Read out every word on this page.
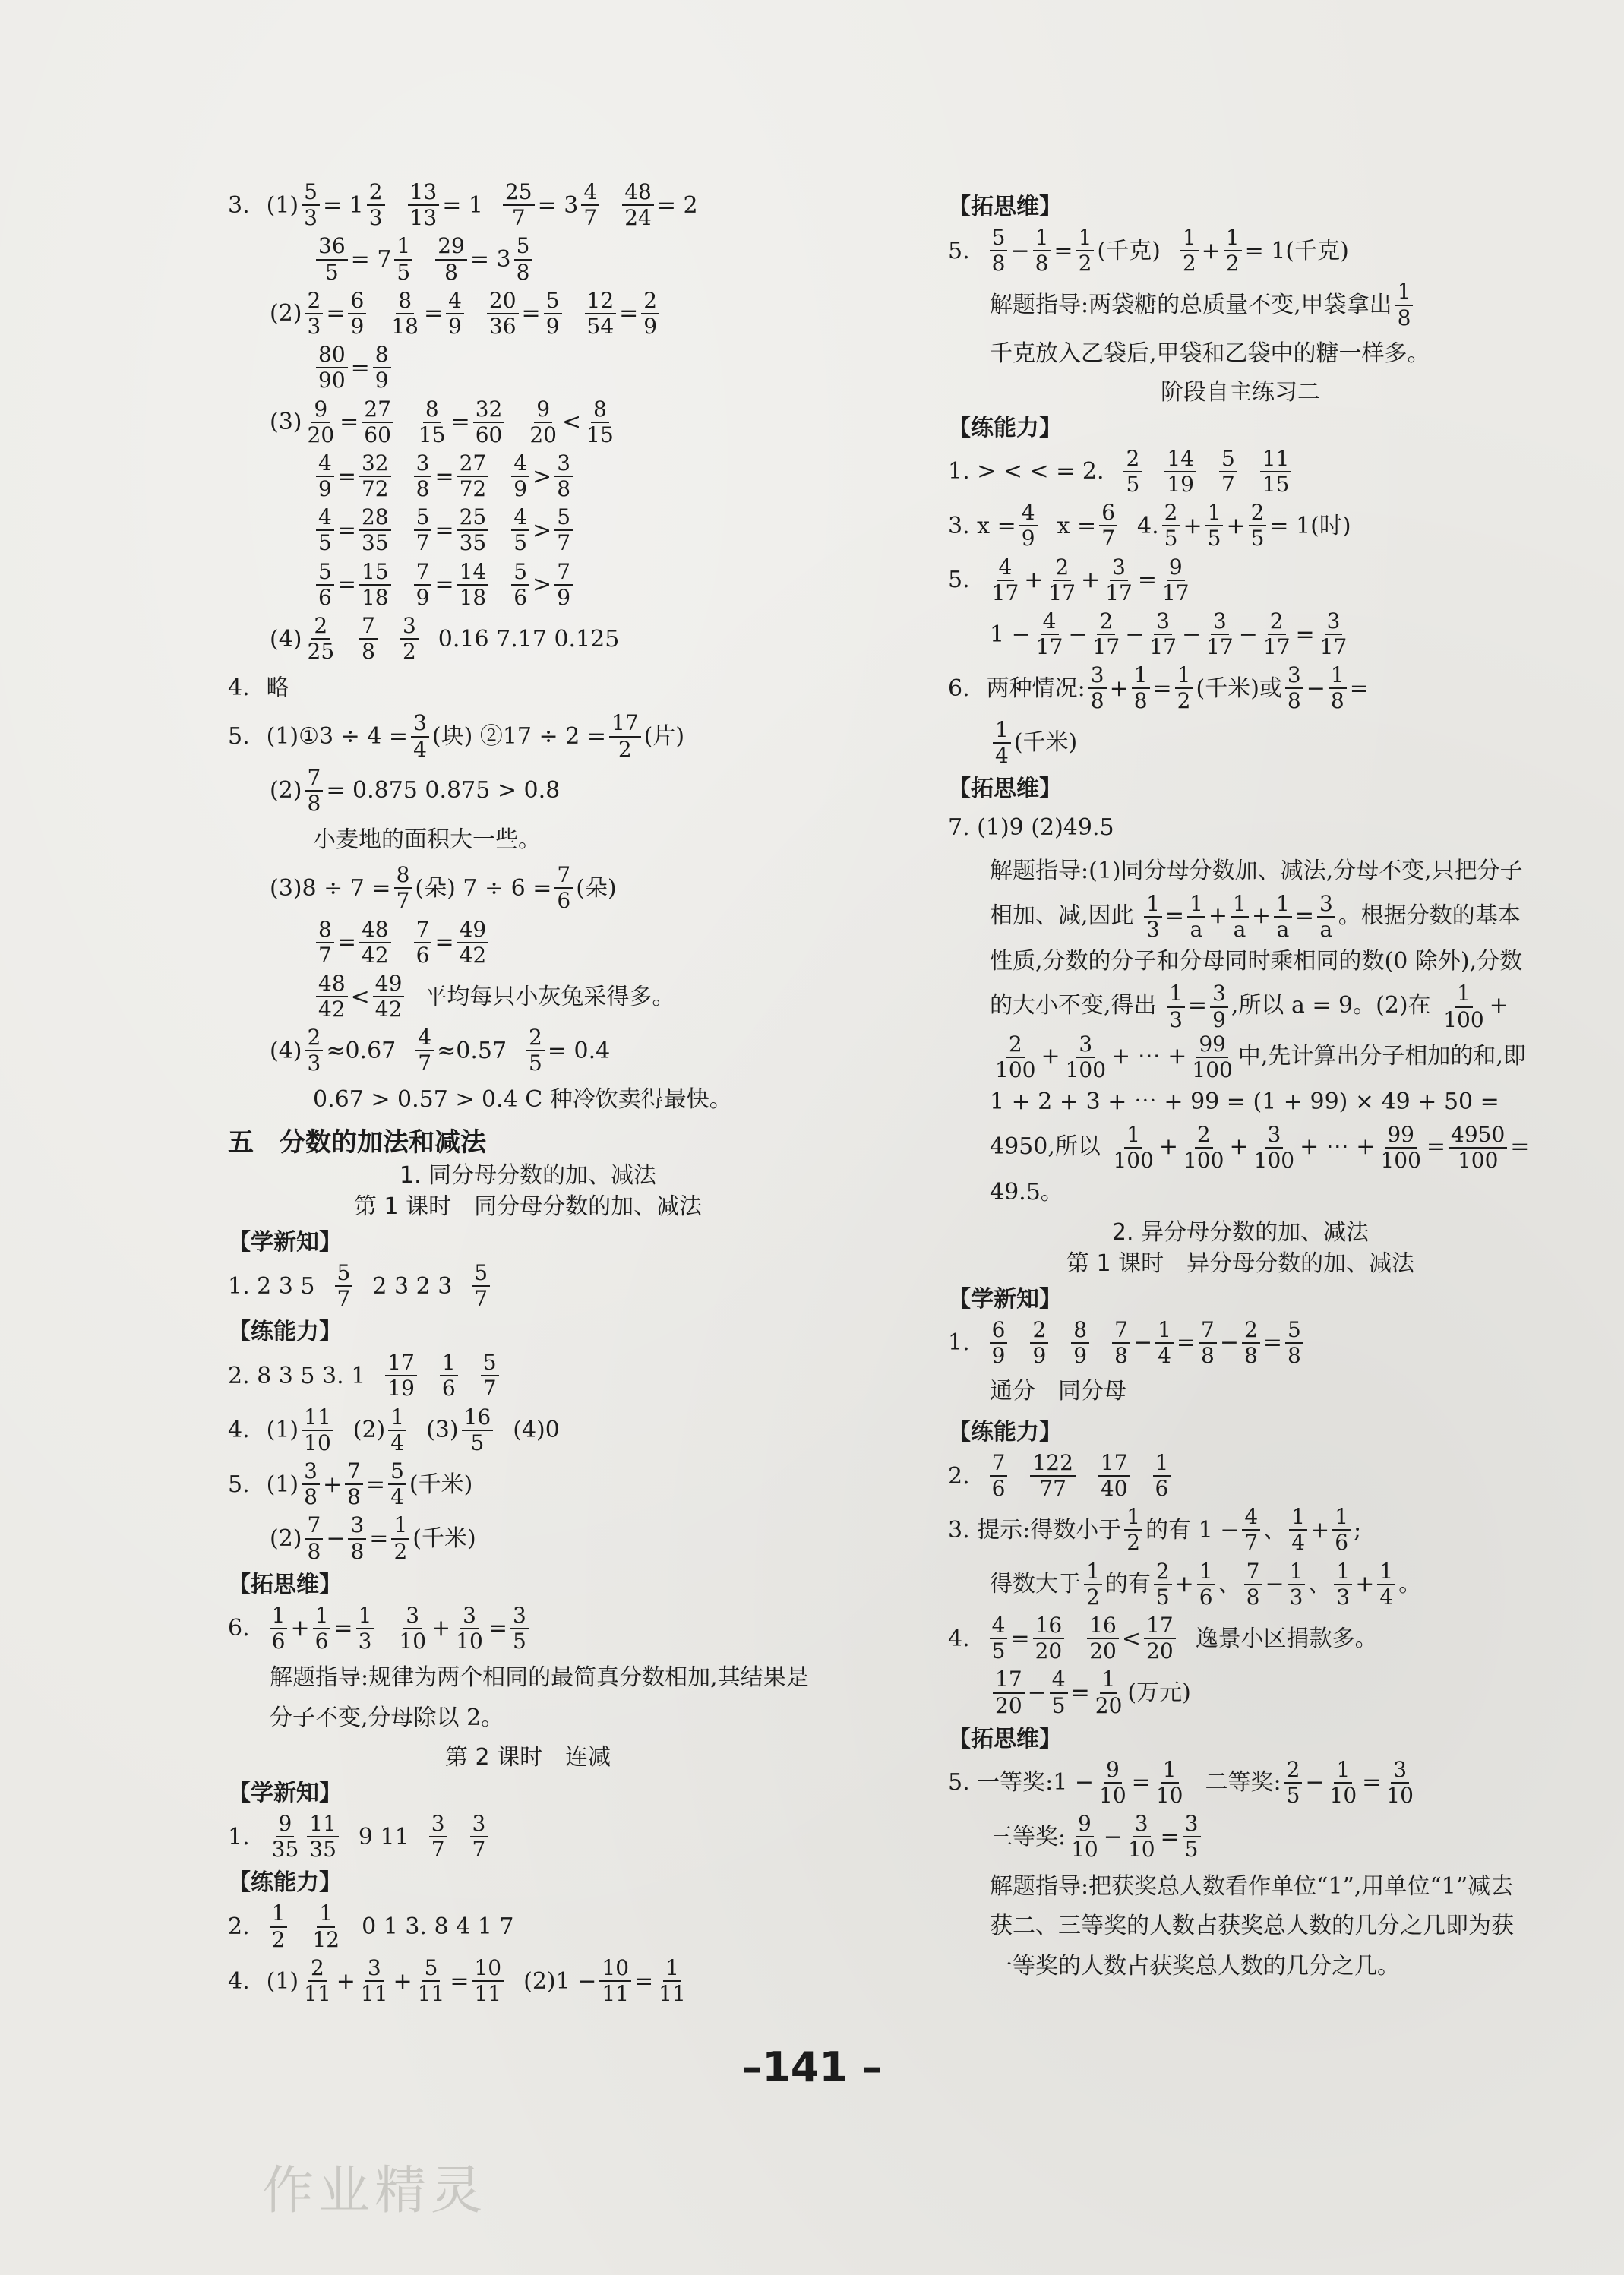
3. $(1) \frac{5}{3} = 1 \frac{2}{3} \frac{13}{13} = 1 \frac{25}{7} = 3 \frac{4}{7} \frac{48}{24} = 2$
$\frac{36}{5} = 7 \frac{1}{5} \frac{29}{8} = 3 \frac{5}{8}$
$(2) \frac{2}{3} = \frac{6}{9} \frac{8}{18} = \frac{4}{9} \frac{20}{36} = \frac{5}{9} \frac{12}{54} = \frac{2}{9}$
$\frac{80}{90} = \frac{8}{9}$
$(3) \frac{9}{20} = \frac{27}{60} \frac{8}{15} = \frac{32}{60} \frac{9}{20} < \frac{8}{15}$
$\frac{4}{9} = \frac{32}{72} \frac{3}{8} = \frac{27}{72} \frac{4}{9} > \frac{3}{8}$
$\frac{4}{5} = \frac{28}{35} \frac{5}{7} = \frac{25}{35} \frac{4}{5} > \frac{5}{7}$
$\frac{5}{6} = \frac{15}{18} \frac{7}{9} = \frac{14}{18} \frac{5}{6} > \frac{7}{9}$
$(4) \frac{2}{25} \frac{7}{8} \frac{3}{2} 0.16$ 7.17 0.125
4. 略
5. (1)①3 ÷ $4 = \frac{3}{4}$ (块) ②17 ÷ $2 = \frac{17}{2}$ (片)
$(2) \frac{7}{8} = 0.875$ 0.875 > 0.8
小麦地的面积大一些。
$(3)8 \div 7 = \frac{8}{7}$ (朵) $7 \div 6 = \frac{7}{6}$ (朵)
$\frac{8}{7} = \frac{48}{42} \frac{7}{6} = \frac{49}{42}$
$\frac{48}{42} < \frac{49}{42}$ 平均每只小灰兔采得多。
$(4) \frac{2}{3} \approx 0.67 \frac{4}{7} \approx 0.57 \frac{2}{5} = 0.4$
0.67 > 0.57 > 0.4 C 种冷饮卖得最快。
五　分数的加法和减法
1. 同分母分数的加、减法
第 1 课时　同分母分数的加、减法
【学新知】
1. 2 3 $5 \frac{5}{7} 2$ 3 2 $3 \frac{5}{7}$
【练能力】
2. 8 3 5 3. $1 \frac{17}{19} \frac{1}{6} \frac{5}{7}$
4. $(1) \frac{11}{10} (2) \frac{1}{4} (3) \frac{16}{5} (4)0$
5. $(1) \frac{3}{8} + \frac{7}{8} = \frac{5}{4}$ (千米)
$(2) \frac{7}{8} - \frac{3}{8} = \frac{1}{2}$ (千米)
【拓思维】
6. $\frac{1}{6} + \frac{1}{6} = \frac{1}{3} \frac{3}{10} + \frac{3}{10} = \frac{3}{5}$
解题指导:规律为两个相同的最简真分数相加,其结果是分子不变,分母除以 2。
第 2 课时　连减
【学新知】
1. $\frac{9}{35} \frac{11}{35} 9$ $11 \frac{3}{7} \frac{3}{7}$
【练能力】
2. $\frac{1}{2} \frac{1}{12} 0$ 1 3. 8 4 1 7
4. $(1) \frac{2}{11} + \frac{3}{11} + \frac{5}{11} = \frac{10}{11} (2)1 - \frac{10}{11} = \frac{1}{11}$
【拓思维】
5. $\frac{5}{8} - \frac{1}{8} = \frac{1}{2}$ (千克) $\frac{1}{2} + \frac{1}{2} = 1$ (千克)
解题指导:两袋糖的总质量不变,甲袋拿出 $\frac{1}{8}$
千克放入乙袋后,甲袋和乙袋中的糖一样多。
阶段自主练习二
【练能力】
1. > < < = 2. $\frac{2}{5} \frac{14}{19} \frac{5}{7} \frac{11}{15}$
3. $x = \frac{4}{9}$ $x = \frac{6}{7} 4$. $\frac{2}{5} + \frac{1}{5} + \frac{2}{5} = 1$(时)
5. $\frac{4}{17} + \frac{2}{17} + \frac{3}{17} = \frac{9}{17}$
$1 - \frac{4}{17} - \frac{2}{17} - \frac{3}{17} - \frac{3}{17} - \frac{2}{17} = \frac{3}{17}$
6. 两种情况: $\frac{3}{8} + \frac{1}{8} = \frac{1}{2}$ (千米)或 $\frac{3}{8} - \frac{1}{8}$ =
$\frac{1}{4}$ (千米)
【拓思维】
7. (1)9 (2)49.5
解题指导:(1)同分母分数加、减法,分母不变,只把分子相加、减,因此 $\frac{1}{3} = \frac{1}{a} + \frac{1}{a} + \frac{1}{a} = \frac{3}{a}$ 。根据分数的基本性质,分数的分子和分母同时乘相同的数(0 除外),分数的大小不变,得出 $\frac{1}{3} = \frac{3}{9}$ ,所以 a = 9。(2)在 $\frac{1}{100}$ +
$\frac{2}{100} + \frac{3}{100}$ + ⋯ + $\frac{99}{100}$ 中,先计算出分子相加的和,即 1 + 2 + 3 + ⋯ + 99 = (1 + 99) × 49 + 50 = 4950,所以 $\frac{1}{100} + \frac{2}{100} + \frac{3}{100}$ + ⋯ + $\frac{99}{100} = \frac{4950}{100} = 49.5$。
2. 异分母分数的加、减法
第 1 课时　异分母分数的加、减法
【学新知】
1. $\frac{6}{9} \frac{2}{9} \frac{8}{9} \frac{7}{8} - \frac{1}{4} = \frac{7}{8} - \frac{2}{8} = \frac{5}{8}$
通分　同分母
【练能力】
2. $\frac{7}{6} \frac{122}{77} \frac{17}{40} \frac{1}{6}$
3. 提示:得数小于 $\frac{1}{2}$ 的有 $1 - \frac{4}{7}$ 、 $\frac{1}{4} + \frac{1}{6}$ ;
得数大于 $\frac{1}{2}$ 的有 $\frac{2}{5} + \frac{1}{6}$ 、 $\frac{7}{8} - \frac{1}{3}$ 、 $\frac{1}{3} + \frac{1}{4}$ 。
4. $\frac{4}{5} = \frac{16}{20} \frac{16}{20} < \frac{17}{20}$ 逸景小区捐款多。
$\frac{17}{20} - \frac{4}{5} = \frac{1}{20}$ (万元)
【拓思维】
5. 一等奖:1 − $\frac{9}{10} = \frac{1}{10}$ 二等奖: $\frac{2}{5} - \frac{1}{10} = \frac{3}{10}$
三等奖: $\frac{9}{10} - \frac{3}{10} = \frac{3}{5}$
解题指导:把获奖总人数看作单位“1”,用单位“1”减去获二、三等奖的人数占获奖总人数的几分之几即为获一等奖的人数占获奖总人数的几分之几。
–141 –
作业精灵
